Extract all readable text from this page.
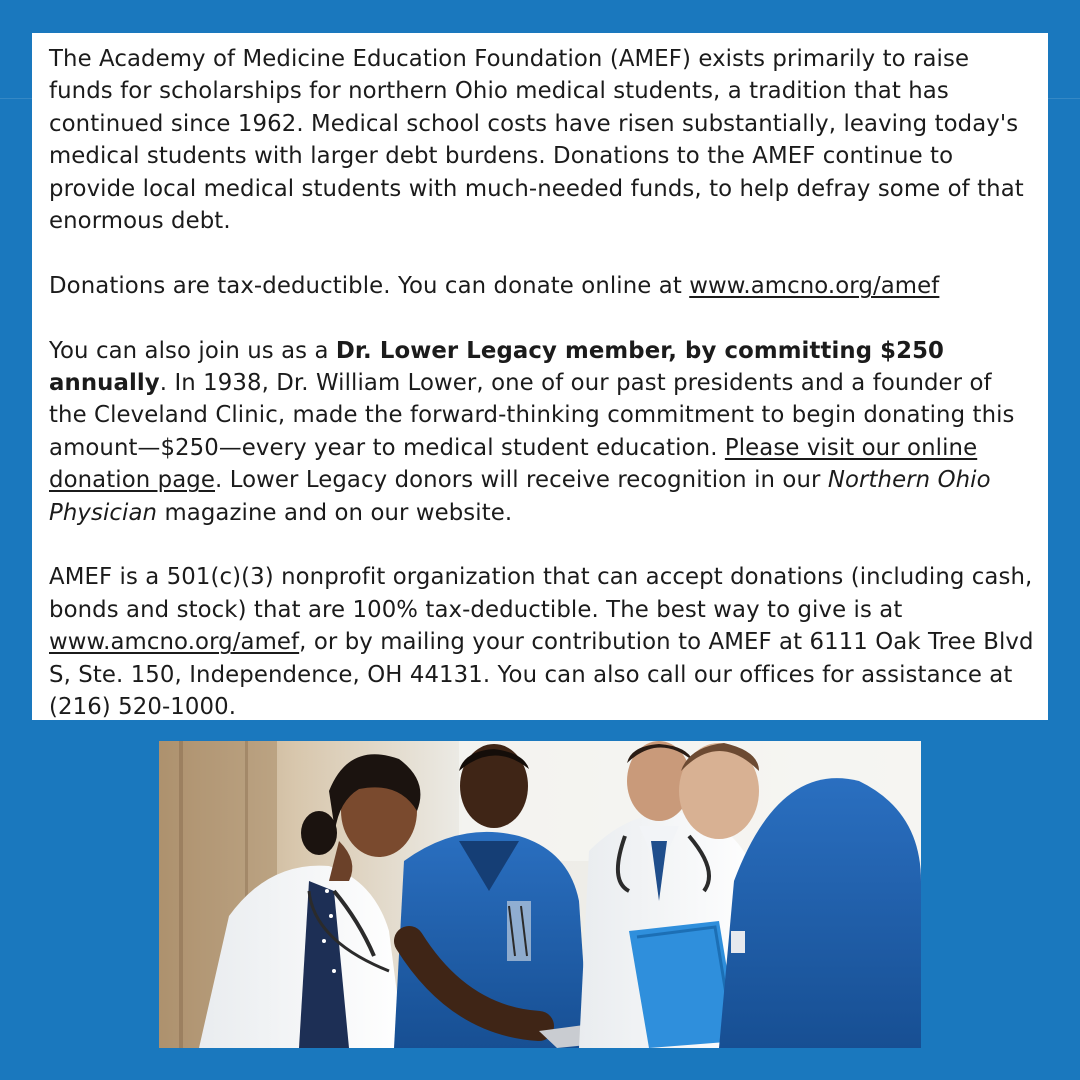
The Academy of Medicine Education Foundation (AMEF) exists primarily to raise funds for scholarships for northern Ohio medical students, a tradition that has continued since 1962. Medical school costs have risen substantially, leaving today's medical students with larger debt burdens. Donations to the AMEF continue to provide local medical students with much-needed funds, to help defray some of that enormous debt.

Donations are tax-deductible. You can donate online at www.amcno.org/amef

You can also join us as a Dr. Lower Legacy member, by committing $250 annually. In 1938, Dr. William Lower, one of our past presidents and a founder of the Cleveland Clinic, made the forward-thinking commitment to begin donating this amount—$250—every year to medical student education. Please visit our online donation page. Lower Legacy donors will receive recognition in our Northern Ohio Physician magazine and on our website.

AMEF is a 501(c)(3) nonprofit organization that can accept donations (including cash, bonds and stock) that are 100% tax-deductible. The best way to give is at www.amcno.org/amef, or by mailing your contribution to AMEF at 6111 Oak Tree Blvd S, Ste. 150, Independence, OH 44131. You can also call our offices for assistance at (216) 520-1000.
